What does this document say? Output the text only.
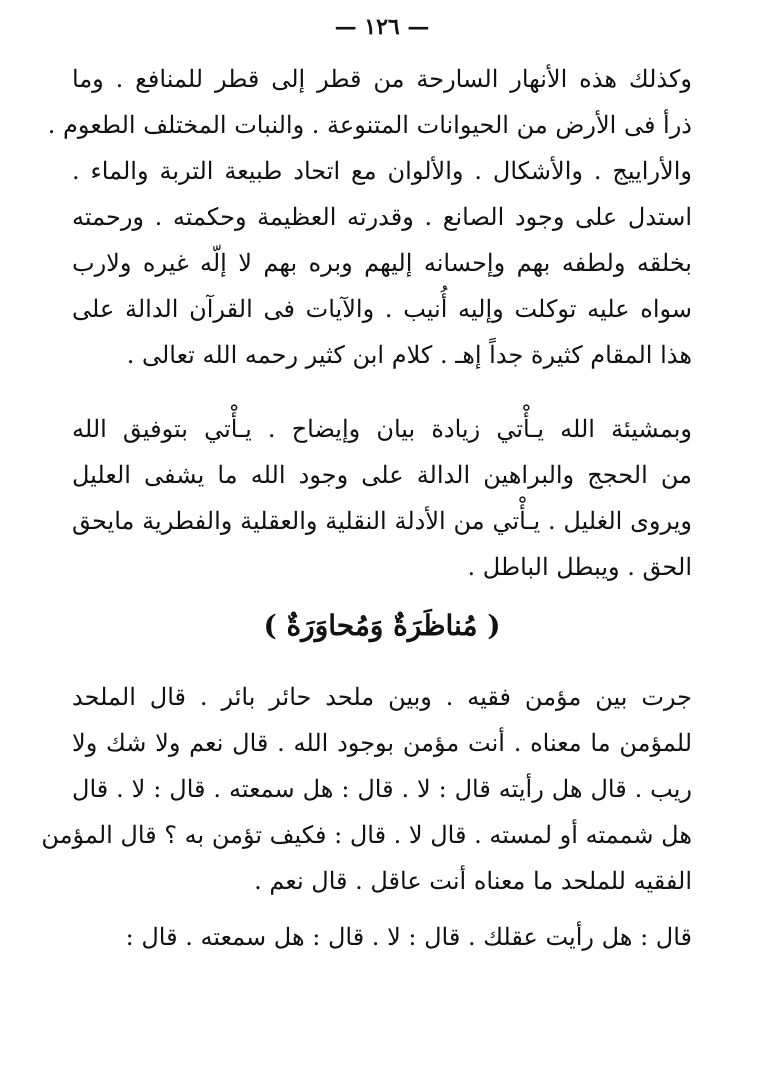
— ١٢٦ —
وكذلك هذه الأنهار السارحة من قطر إلى قطر للمنافع . وما
ذرأ فى الأرض من الحيوانات المتنوعة . والنبات المختلف الطعوم .
والأراييج . والأشكال . والألوان مع اتحاد طبيعة التربة والماء .
استدل على وجود الصانع . وقدرته العظيمة وحكمته . ورحمته
بخلقه ولطفه بهم وإحسانه إليهم وبره بهم لا إلّه غيره ولارب
سواه عليه توكلت وإليه أُنيب . والآيات فى القرآن الدالة على
هذا المقام كثيرة جداً إهـ . كلام ابن كثير رحمه الله تعالى .
وبمشيئة الله يـأْتي زيادة بيان وإيضاح . يـأْتي بتوفيق الله
من الحجج والبراهين الدالة على وجود الله ما يشفى العليل
ويروى الغليل . يـأْتي من الأدلة النقلية والعقلية والفطرية مايحق
الحق . ويبطل الباطل .
( مُناظَرَةٌ وَمُحاوَرَةٌ )
جرت بين مؤمن فقيه . وبين ملحد حائر بائر . قال الملحد
للمؤمن ما معناه . أنت مؤمن بوجود الله . قال نعم ولا شك ولا
ريب . قال هل رأيته قال : لا . قال : هل سمعته . قال : لا . قال
هل شممته أو لمسته . قال لا . قال : فكيف تؤمن به ؟ قال المؤمن
الفقيه للملحد ما معناه أنت عاقل . قال نعم .
قال : هل رأيت عقلك . قال : لا . قال : هل سمعته . قال :
